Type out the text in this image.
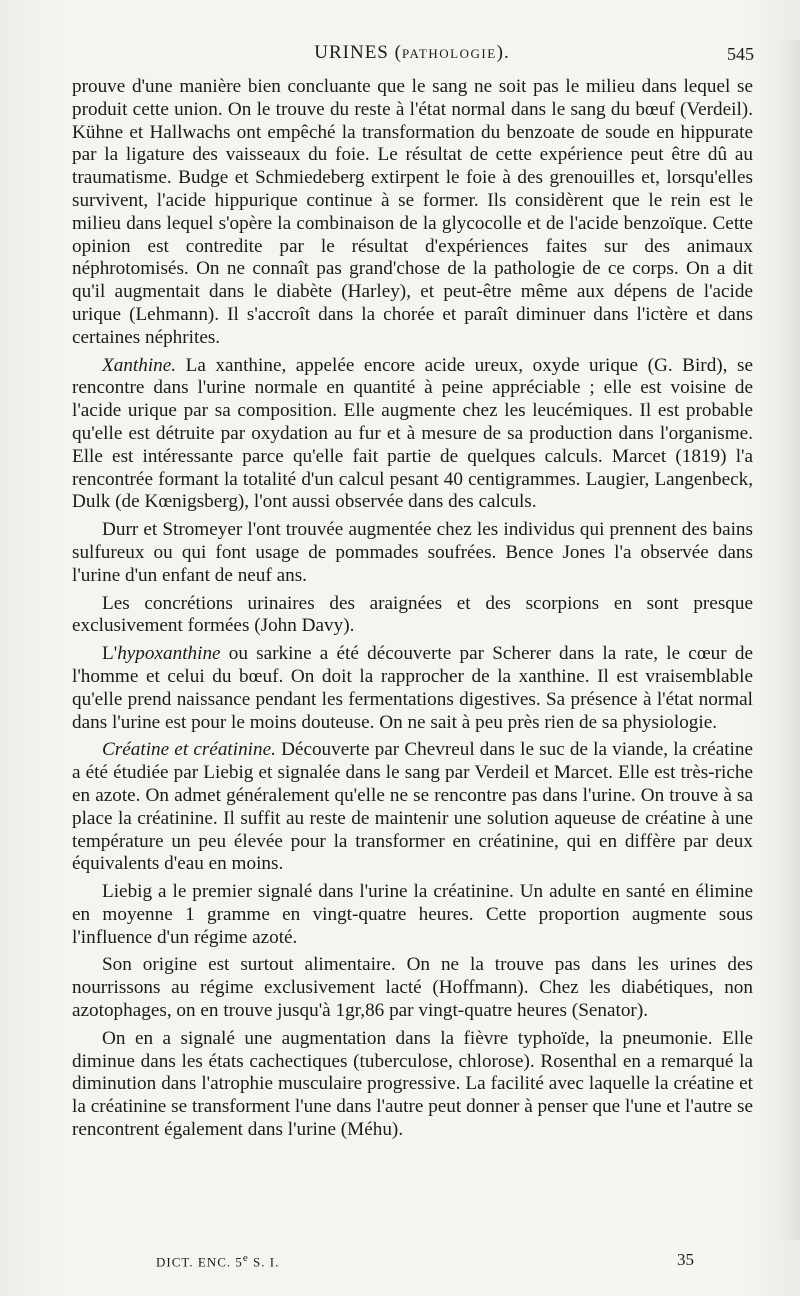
URINES (PATHOLOGIE).	545

prouve d'une manière bien concluante que le sang ne soit pas le milieu dans lequel se produit cette union. On le trouve du reste à l'état normal dans le sang du bœuf (Verdeil). Kühne et Hallwachs ont empêché la transformation du benzoate de soude en hippurate par la ligature des vaisseaux du foie. Le résultat de cette expérience peut être dû au traumatisme. Budge et Schmiedeberg extirpent le foie à des grenouilles et, lorsqu'elles survivent, l'acide hippurique continue à se former. Ils considèrent que le rein est le milieu dans lequel s'opère la combinaison de la glycocolle et de l'acide benzoïque. Cette opinion est contredite par le résultat d'expériences faites sur des animaux néphrotomisés. On ne connaît pas grand'chose de la pathologie de ce corps. On a dit qu'il augmentait dans le diabète (Harley), et peut-être même aux dépens de l'acide urique (Lehmann). Il s'accroît dans la chorée et paraît diminuer dans l'ictère et dans certaines néphrites.

Xanthine. La xanthine, appelée encore acide ureux, oxyde urique (G. Bird), se rencontre dans l'urine normale en quantité à peine appréciable ; elle est voisine de l'acide urique par sa composition. Elle augmente chez les leucémiques. Il est probable qu'elle est détruite par oxydation au fur et à mesure de sa production dans l'organisme. Elle est intéressante parce qu'elle fait partie de quelques calculs. Marcet (1819) l'a rencontrée formant la totalité d'un calcul pesant 40 centigrammes. Laugier, Langenbeck, Dulk (de Kœnigsberg), l'ont aussi observée dans des calculs.

Durr et Stromeyer l'ont trouvée augmentée chez les individus qui prennent des bains sulfureux ou qui font usage de pommades soufrées. Bence Jones l'a observée dans l'urine d'un enfant de neuf ans.

Les concrétions urinaires des araignées et des scorpions en sont presque exclusivement formées (John Davy).

L'hypoxanthine ou sarkine a été découverte par Scherer dans la rate, le cœur de l'homme et celui du bœuf. On doit la rapprocher de la xanthine. Il est vraisemblable qu'elle prend naissance pendant les fermentations digestives. Sa présence à l'état normal dans l'urine est pour le moins douteuse. On ne sait à peu près rien de sa physiologie.

Créatine et créatinine. Découverte par Chevreul dans le suc de la viande, la créatine a été étudiée par Liebig et signalée dans le sang par Verdeil et Marcet. Elle est très-riche en azote. On admet généralement qu'elle ne se rencontre pas dans l'urine. On trouve à sa place la créatinine. Il suffit au reste de maintenir une solution aqueuse de créatine à une température un peu élevée pour la transformer en créatinine, qui en diffère par deux équivalents d'eau en moins.

Liebig a le premier signalé dans l'urine la créatinine. Un adulte en santé en élimine en moyenne 1 gramme en vingt-quatre heures. Cette proportion augmente sous l'influence d'un régime azoté.

Son origine est surtout alimentaire. On ne la trouve pas dans les urines des nourrissons au régime exclusivement lacté (Hoffmann). Chez les diabétiques, non azotophages, on en trouve jusqu'à 1gr,86 par vingt-quatre heures (Senator).

On en a signalé une augmentation dans la fièvre typhoïde, la pneumonie. Elle diminue dans les états cachectiques (tuberculose, chlorose). Rosenthal en a remarqué la diminution dans l'atrophie musculaire progressive. La facilité avec laquelle la créatine et la créatinine se transforment l'une dans l'autre peut donner à penser que l'une et l'autre se rencontrent également dans l'urine (Méhu).

DICT. ENC. 5e S. I.	35
